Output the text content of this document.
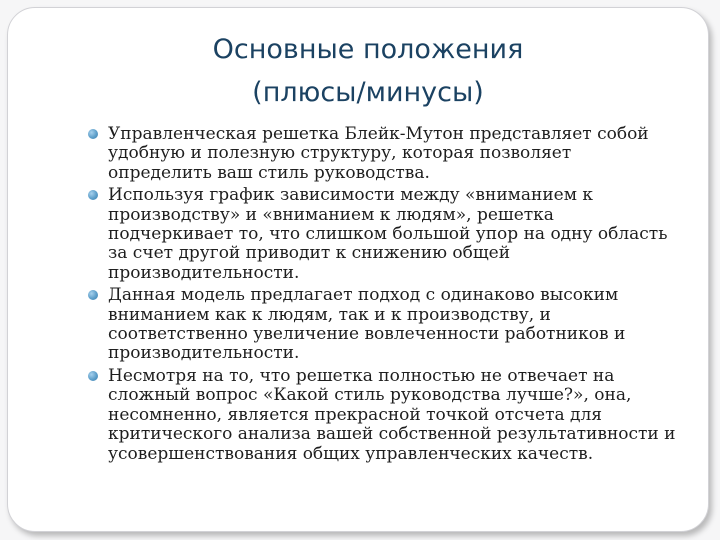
Основные положения
(плюсы/минусы)
Управленческая решетка Блейк-Мутон представляет собой
удобную и полезную структуру, которая позволяет
определить ваш стиль руководства.
Используя график зависимости между «вниманием к
производству» и «вниманием к людям», решетка
подчеркивает то, что слишком большой упор на одну область
за счет другой приводит к снижению общей
производительности.
Данная модель предлагает подход с одинаково высоким
вниманием как к людям, так и к производству, и
соответственно увеличение вовлеченности работников и
производительности.
Несмотря на то, что решетка полностью не отвечает на
сложный вопрос «Какой стиль руководства лучше?», она,
несомненно, является прекрасной точкой отсчета для
критического анализа вашей собственной результативности и
усовершенствования общих управленческих качеств.
